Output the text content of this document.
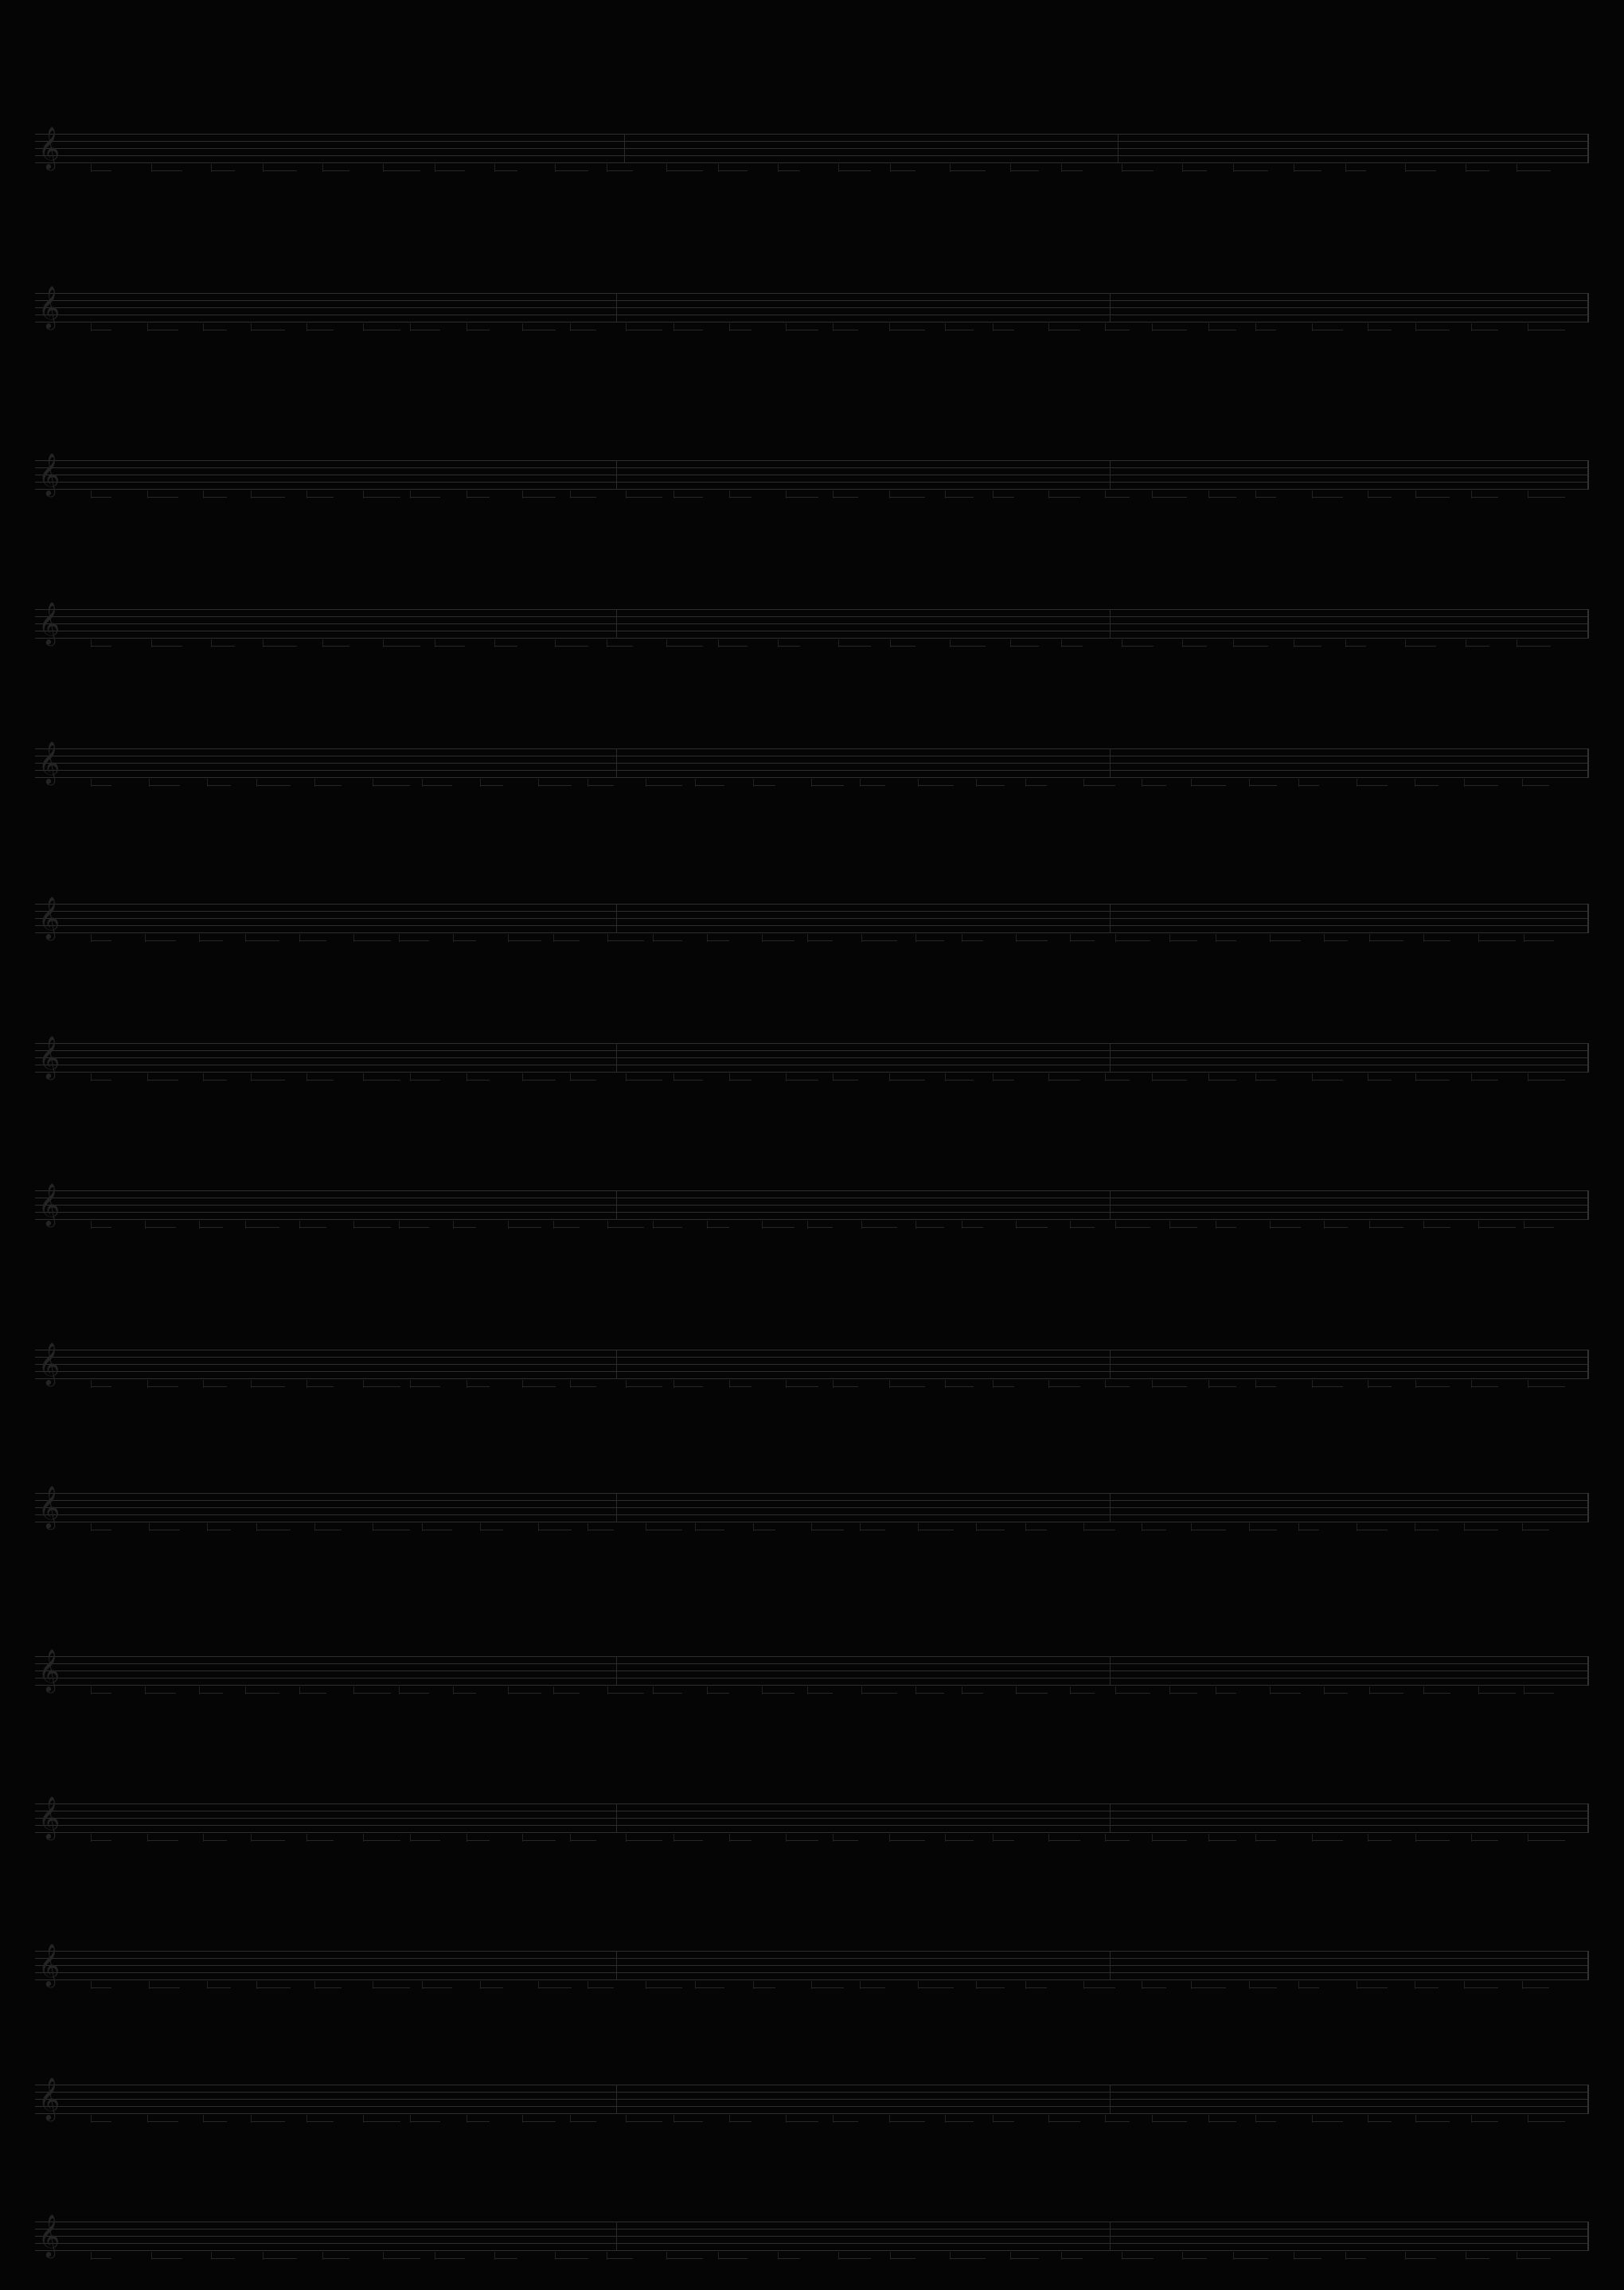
𝄞
𝄞
𝄞
𝄞
𝄞
𝄞
𝄞
𝄞
𝄞
𝄞
𝄞
𝄞
𝄞
𝄞
𝄞
